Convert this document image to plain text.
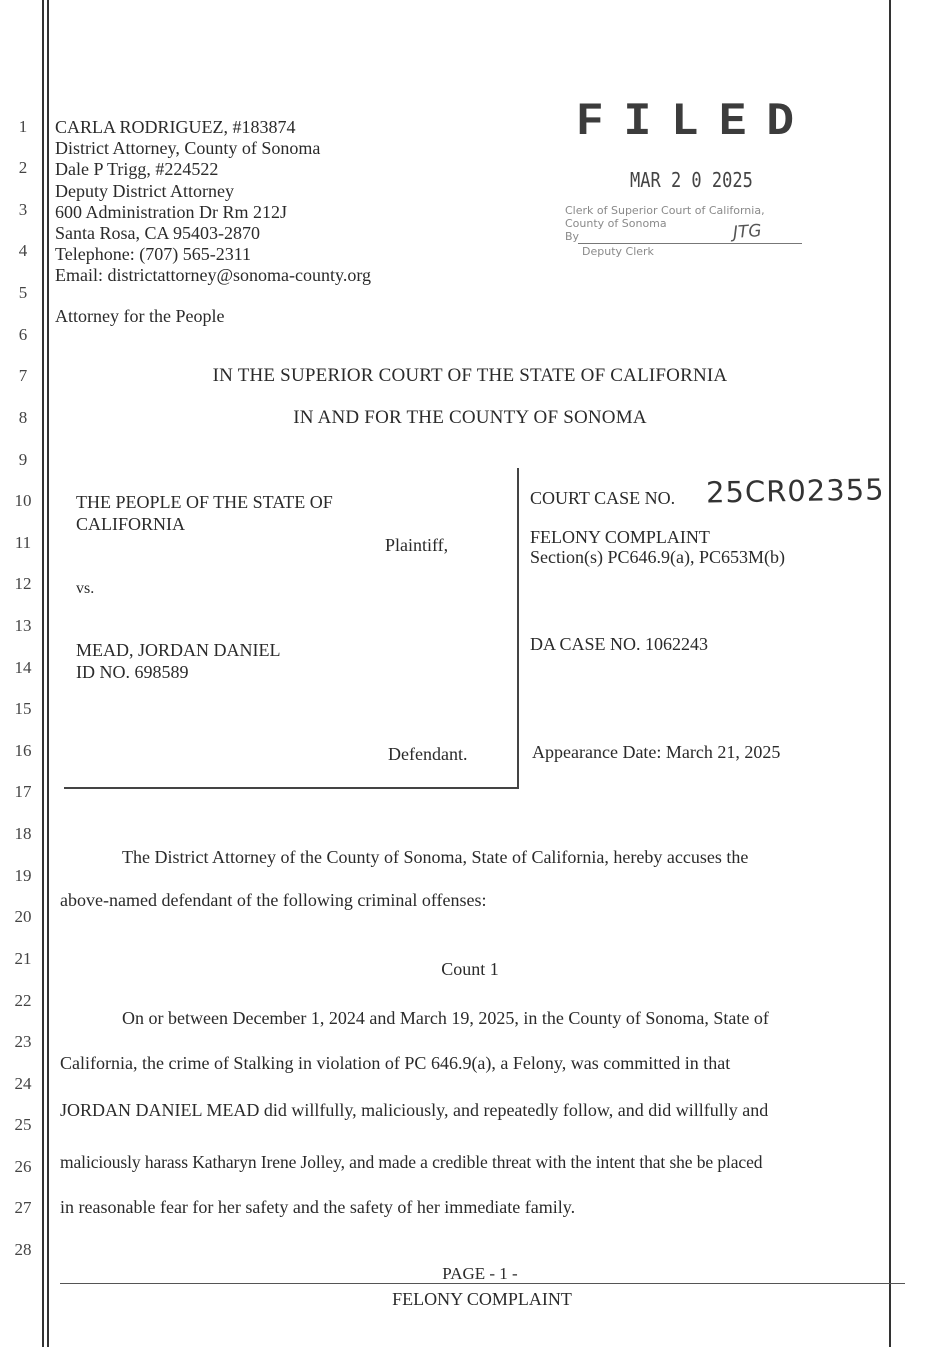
1
2
3
4
5
6
7
8
9
10
11
12
13
14
15
16
17
18
19
20
21
22
23
24
25
26
27
28
CARLA RODRIGUEZ, #183874
District Attorney, County of Sonoma
Dale P Trigg, #224522
Deputy District Attorney
600 Administration Dr Rm 212J
Santa Rosa, CA 95403-2870
Telephone: (707) 565-2311
Email: districtattorney@sonoma-county.org
Attorney for the People
FILED
MAR 2 0 2025
Clerk of Superior Court of California,
County of Sonoma
By	JTG
Deputy Clerk
IN THE SUPERIOR COURT OF THE STATE OF CALIFORNIA
IN AND FOR THE COUNTY OF SONOMA
THE PEOPLE OF THE STATE OF
CALIFORNIA
Plaintiff,
vs.
MEAD, JORDAN DANIEL
ID NO. 698589
Defendant.
COURT CASE NO. 25CR02355
FELONY COMPLAINT
Section(s) PC646.9(a), PC653M(b)
DA CASE NO. 1062243
Appearance Date: March 21, 2025
The District Attorney of the County of Sonoma, State of California, hereby accuses the
above-named defendant of the following criminal offenses:
Count 1
On or between December 1, 2024 and March 19, 2025, in the County of Sonoma, State of
California, the crime of Stalking in violation of PC 646.9(a), a Felony, was committed in that
JORDAN DANIEL MEAD did willfully, maliciously, and repeatedly follow, and did willfully and
maliciously harass Katharyn Irene Jolley, and made a credible threat with the intent that she be placed
in reasonable fear for her safety and the safety of her immediate family.
PAGE - 1 -
FELONY COMPLAINT
